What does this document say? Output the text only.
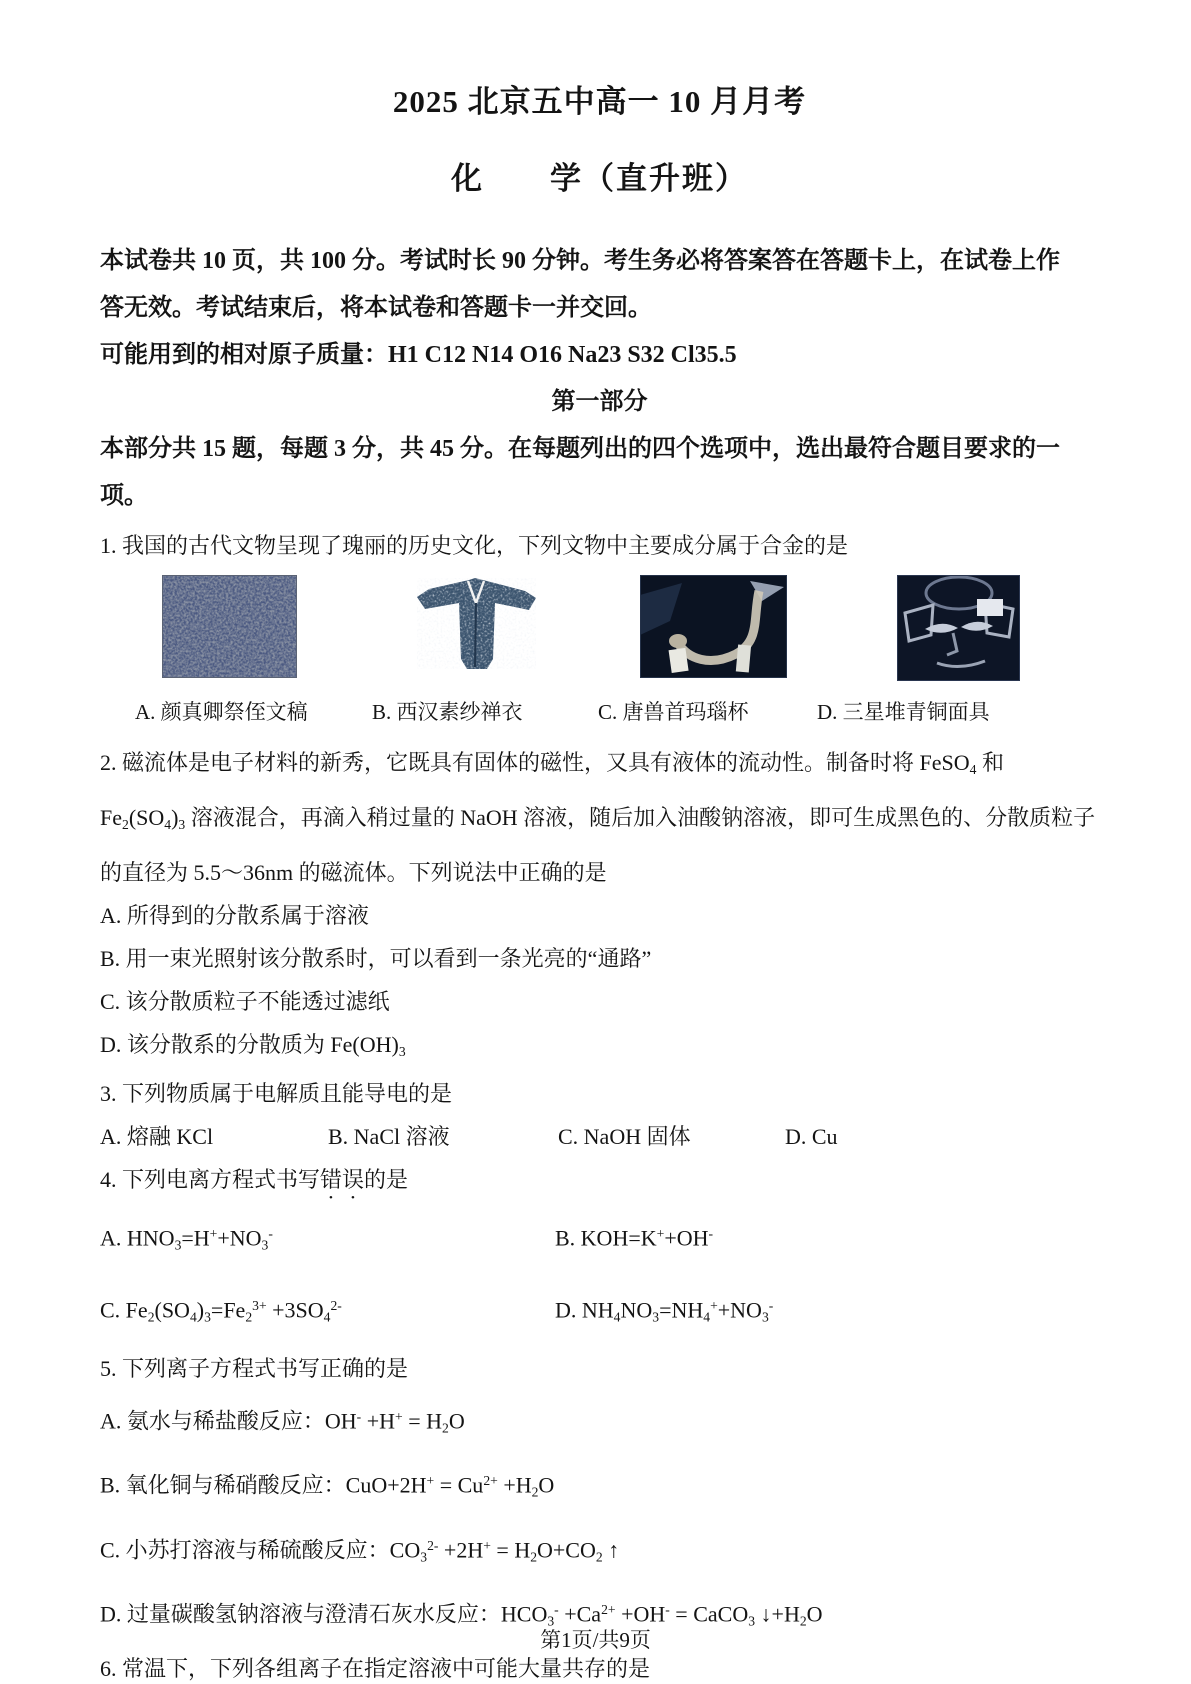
2025 北京五中高一 10 月月考
化　　学（直升班）
本试卷共 10 页，共 100 分。考试时长 90 分钟。考生务必将答案答在答题卡上，在试卷上作
答无效。考试结束后，将本试卷和答题卡一并交回。
可能用到的相对原子质量：H1 C12 N14 O16 Na23 S32 Cl35.5
第一部分
本部分共 15 题，每题 3 分，共 45 分。在每题列出的四个选项中，选出最符合题目要求的一
项。
1. 我国的古代文物呈现了瑰丽的历史文化，下列文物中主要成分属于合金的是
A. 颜真卿祭侄文稿	B. 西汉素纱禅衣	C. 唐兽首玛瑙杯	D. 三星堆青铜面具
2. 磁流体是电子材料的新秀，它既具有固体的磁性，又具有液体的流动性。制备时将 FeSO$_4$ 和
$Fe_2(SO_4)_3$ 溶液混合，再滴入稍过量的 NaOH 溶液，随后加入油酸钠溶液，即可生成黑色的、分散质粒子
的直径为 5.5～36nm 的磁流体。下列说法中正确的是
A. 所得到的分散系属于溶液
B. 用一束光照射该分散系时，可以看到一条光亮的“通路”
C. 该分散质粒子不能透过滤纸
D. 该分散系的分散质为 $Fe(OH)_3$
3. 下列物质属于电解质且能导电的是
A. 熔融 KCl	B. NaCl 溶液	C. NaOH 固体	D. Cu
4. 下列电离方程式书写错误的是
A. $HNO_3=H^++NO_3^-$	B. KOH=K++OH-
C. $Fe_2(SO_4)_3=Fe_2^{3+} +3SO_4^{2-}$	D. $NH_4NO_3=NH_4^++NO_3^-$
5. 下列离子方程式书写正确的是
A. 氨水与稀盐酸反应：$OH^- +H^+ = H_2O$
B. 氧化铜与稀硝酸反应：$CuO+2H^+ = Cu^{2+} +H_2O$
C. 小苏打溶液与稀硫酸反应：$CO_3^{2-} +2H^+ = H_2O+CO_2$ ↑
D. 过量碳酸氢钠溶液与澄清石灰水反应：$HCO_3^- +Ca^{2+} +OH^-$ = CaCO$_3$ $↓+H_2O$
6. 常温下，下列各组离子在指定溶液中可能大量共存的是
第1页/共9页
